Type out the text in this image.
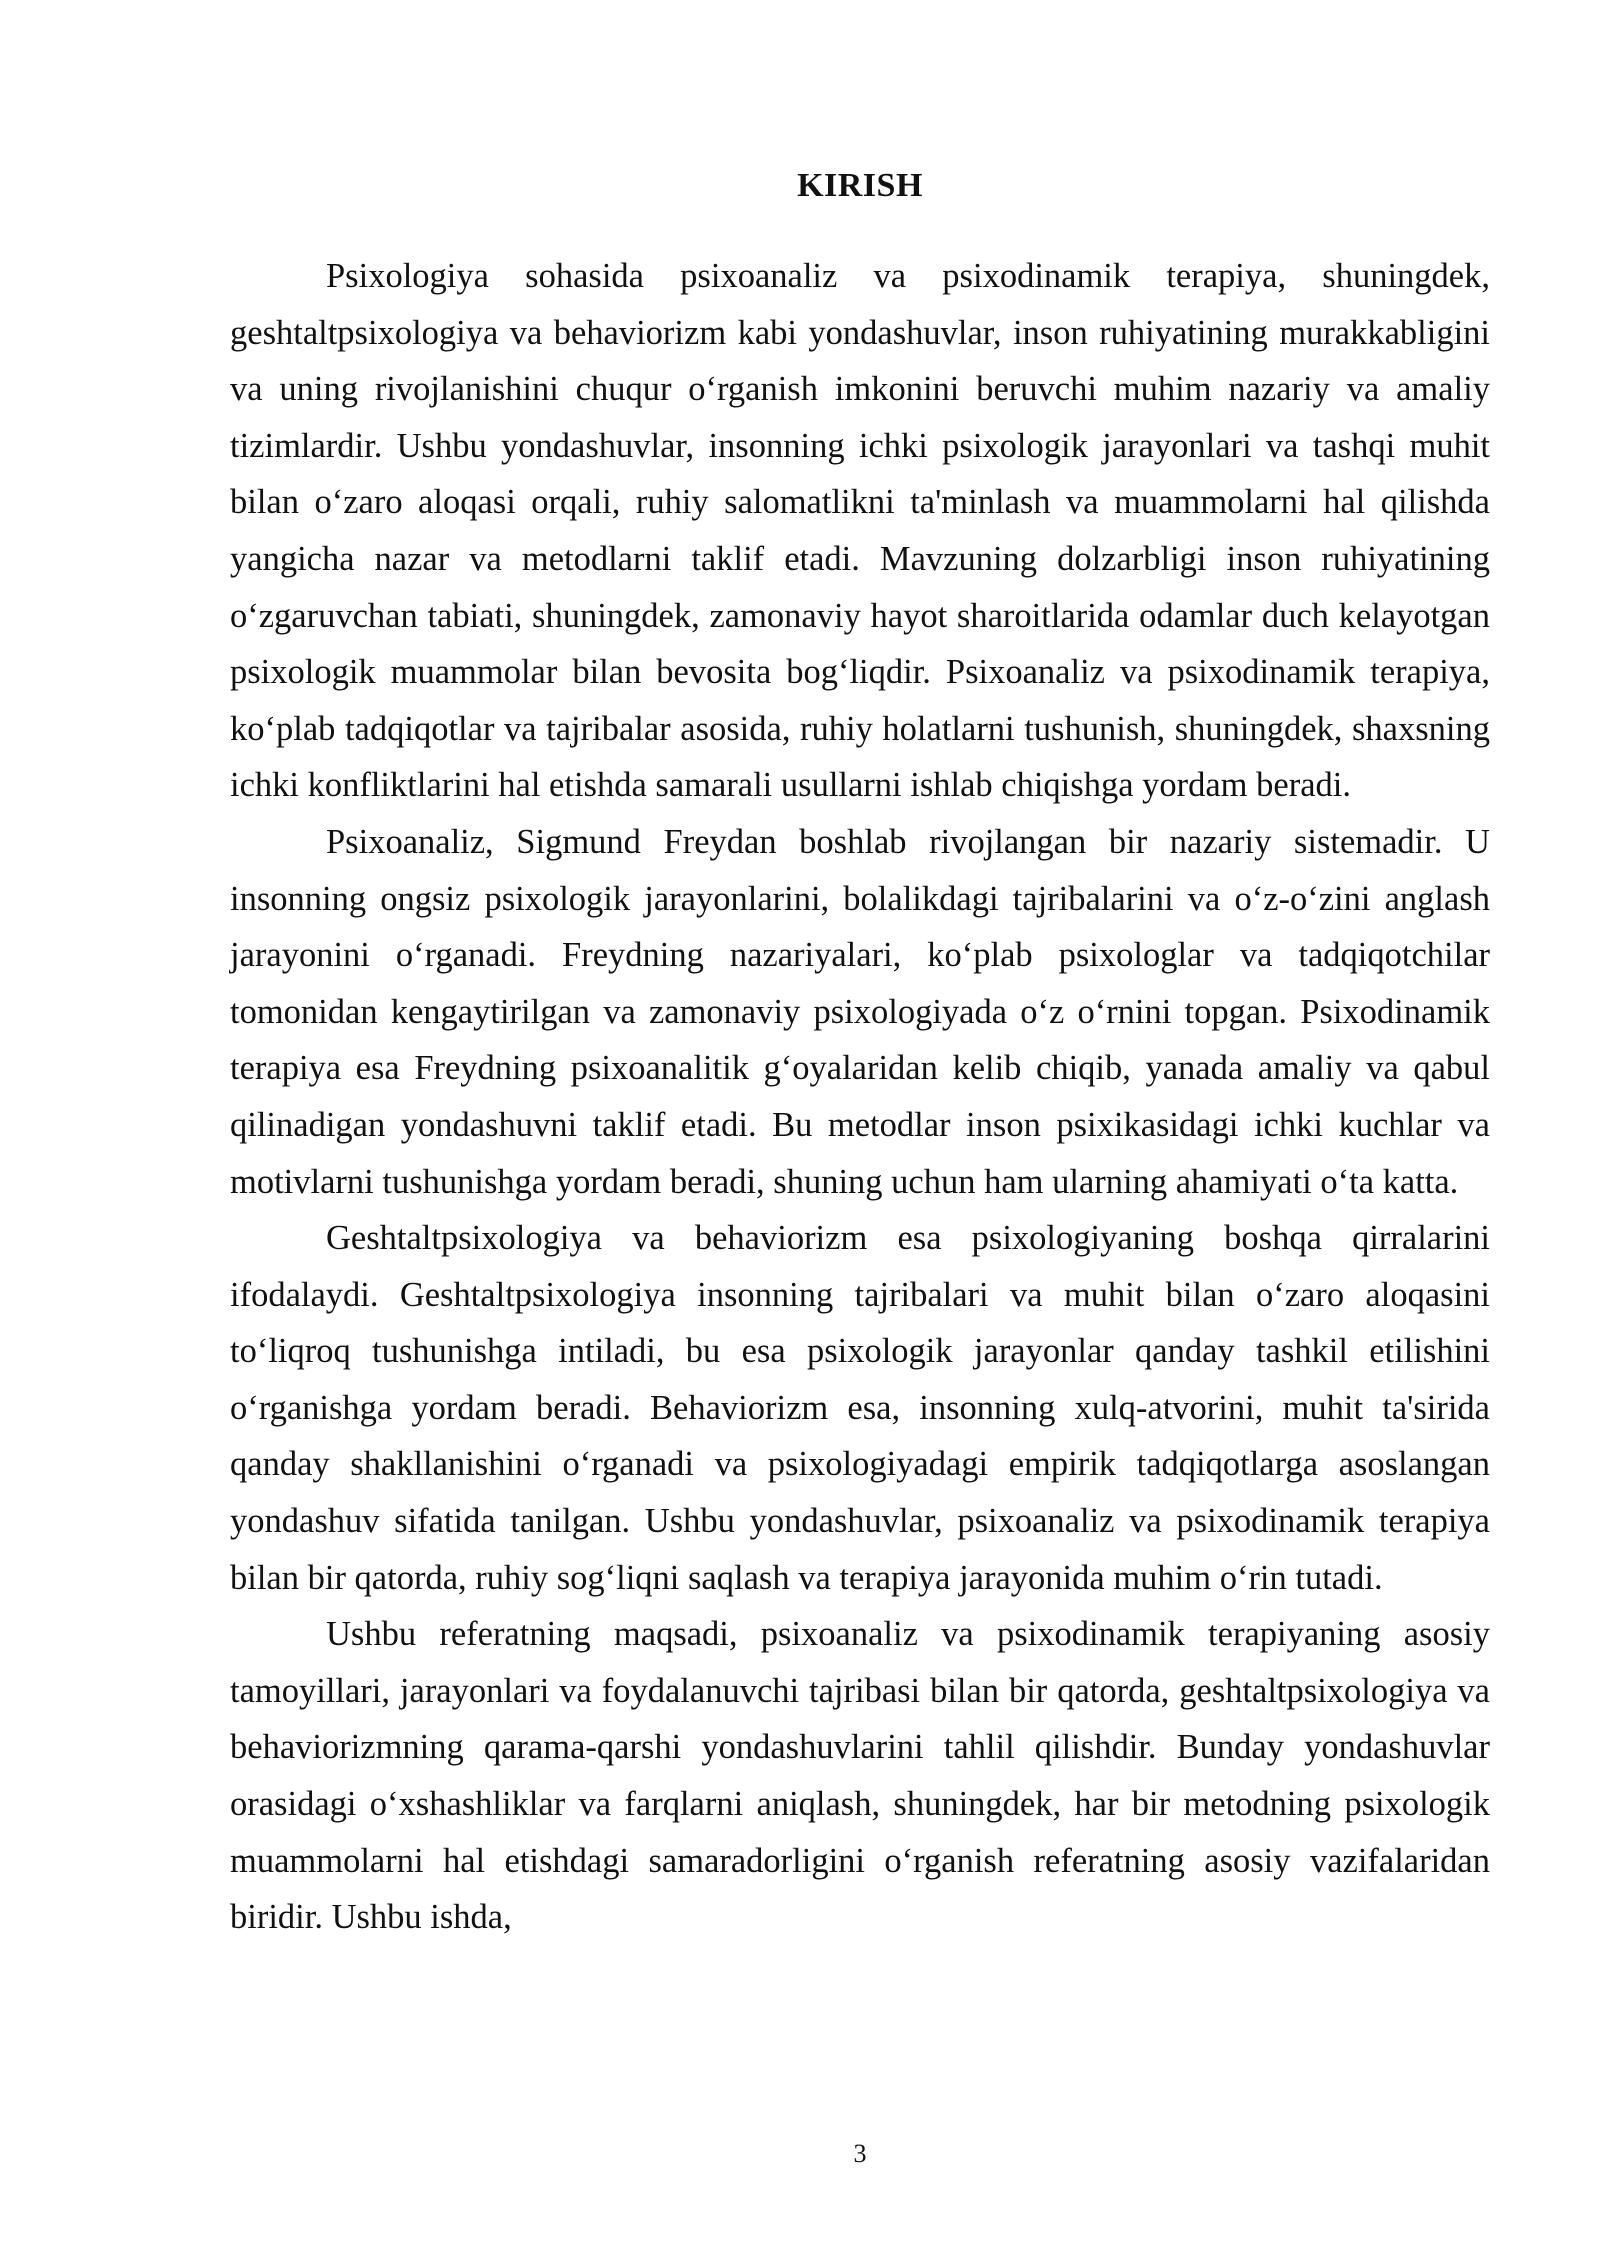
KIRISH

Psixologiya sohasida psixoanaliz va psixodinamik terapiya, shuningdek, geshtaltpsixologiya va behaviorizm kabi yondashuvlar, inson ruhiyatining murakkabligini va uning rivojlanishini chuqur o‘rganish imkonini beruvchi muhim nazariy va amaliy tizimlardir. Ushbu yondashuvlar, insonning ichki psixologik jarayonlari va tashqi muhit bilan o‘zaro aloqasi orqali, ruhiy salomatlikni ta'minlash va muammolarni hal qilishda yangicha nazar va metodlarni taklif etadi. Mavzuning dolzarbligi inson ruhiyatining o‘zgaruvchan tabiati, shuningdek, zamonaviy hayot sharoitlarida odamlar duch kelayotgan psixologik muammolar bilan bevosita bog‘liqdir. Psixoanaliz va psixodinamik terapiya, ko‘plab tadqiqotlar va tajribalar asosida, ruhiy holatlarni tushunish, shuningdek, shaxsning ichki konfliktlarini hal etishda samarali usullarni ishlab chiqishga yordam beradi.

Psixoanaliz, Sigmund Freydan boshlab rivojlangan bir nazariy sistemadir. U insonning ongsiz psixologik jarayonlarini, bolalikdagi tajribalarini va o‘z-o‘zini anglash jarayonini o‘rganadi. Freydning nazariyalari, ko‘plab psixologlar va tadqiqotchilar tomonidan kengaytirilgan va zamonaviy psixologiyada o‘z o‘rnini topgan. Psixodinamik terapiya esa Freydning psixoanalitik g‘oyalaridan kelib chiqib, yanada amaliy va qabul qilinadigan yondashuvni taklif etadi. Bu metodlar inson psixikasidagi ichki kuchlar va motivlarni tushunishga yordam beradi, shuning uchun ham ularning ahamiyati o‘ta katta.

Geshtaltpsixologiya va behaviorizm esa psixologiyaning boshqa qirralarini ifodalaydi. Geshtaltpsixologiya insonning tajribalari va muhit bilan o‘zaro aloqasini to‘liqroq tushunishga intiladi, bu esa psixologik jarayonlar qanday tashkil etilishini o‘rganishga yordam beradi. Behaviorizm esa, insonning xulq-atvorini, muhit ta'sirida qanday shakllanishini o‘rganadi va psixologiyadagi empirik tadqiqotlarga asoslangan yondashuv sifatida tanilgan. Ushbu yondashuvlar, psixoanaliz va psixodinamik terapiya bilan bir qatorda, ruhiy sog‘liqni saqlash va terapiya jarayonida muhim o‘rin tutadi.

Ushbu referatning maqsadi, psixoanaliz va psixodinamik terapiyaning asosiy tamoyillari, jarayonlari va foydalanuvchi tajribasi bilan bir qatorda, geshtaltpsixologiya va behaviorizmning qarama-qarshi yondashuvlarini tahlil qilishdir. Bunday yondashuvlar orasidagi o‘xshashliklar va farqlarni aniqlash, shuningdek, har bir metodning psixologik muammolarni hal etishdagi samaradorligini o‘rganish referatning asosiy vazifalaridan biridir. Ushbu ishda,

3
